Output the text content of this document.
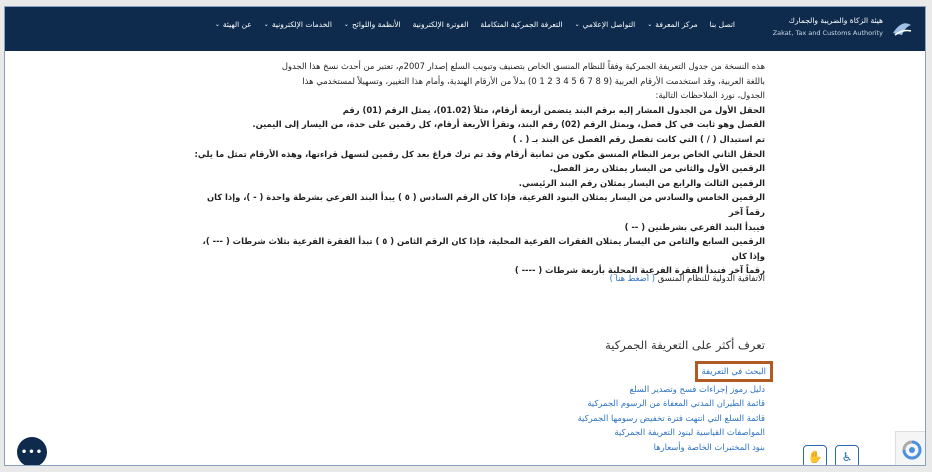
هيئة الزكاة والضريبة والجمارك
Zakat, Tax and Customs Authority
عن الهيئة
⌄	الخدمات الإلكترونية
⌄	الأنظمة واللوائح
⌄	الفوترة الإلكترونية التعرفة الجمركية المتكاملة	التواصل الإعلامي
⌄	مركز المعرفة
⌄	اتصل بنا

هذه النسخة من جدول التعريفة الجمركية وفقاً للنظام المنسق الخاص بتصنيف وتبويب السلع إصدار 2007م، تعتبر من أحدث نسخ هذا الجدول

باللغة العربية، وقد استخدمت الأرقام العربية (9 8 7 6 5 4 3 2 1 0) بدلاً من الأرقام الهندية، وأمام هذا التغيير، وتسهيلاً لمستخدمي هذا

الجدول، نورد الملاحظات التالية:

الحقل الأول من الجدول المشار إليه برقم البند يتضمن أربعة أرقام، مثلاً (01.02)، يمثل الرقم (01) رقم

الفصل وهو ثابت في كل فصل، ويمثل الرقم (02) رقم البند، وتقرأ الأربعة أرقام، كل رقمين على حدة، من اليسار إلى اليمين.

تم استبدال ( / ) التي كانت تفصل رقم الفصل عن البند بـ ( . )

الحقل الثاني الخاص برمز النظام المنسق مكون من ثمانية أرقام وقد تم ترك فراغ بعد كل رقمين لتسهل قراءتها، وهذه الأرقام تمثل ما يلي:

الرقمين الأول والثاني من اليسار يمثلان رمز الفصل.

الرقمين الثالث والرابع من اليسار يمثلان رقم البند الرئيسي.

الرقمين الخامس والسادس من اليسار يمثلان البنود الفرعية، فإذا كان الرقم السادس ( ٥ ) يبدأ البند الفرعي بشرطة واحدة ( - )، وإذا كان رقماً آخر

فيبدأ البند الفرعي بشرطتين ( -- )

الرقمين السابع والثامن من اليسار يمثلان الفقرات الفرعية المحلية، فإذا كان الرقم الثامن ( ٥ ) تبدأ الفقرة الفرعية بثلاث شرطات ( --- )، وإذا كان

رقماً آخر فتبدأ الفقرة الفرعية المحلية بأربعة شرطات ( ---- )

الاتفاقية الدولية للنظام المنسق ( اضغط هنا )
تعرف أكثر على التعريفة الجمركية
البحث في التعريفة
دليل رموز إجراءات فسح وتصدير السلع
قائمة الطيران المدني المعفاة من الرسوم الجمركية
قائمة السلع التي انتهت فترة تخفيض رسومها الجمركية
المواصفات القياسية لبنود التعريفة الجمركية
بنود المختبرات الخاصة وأسعارها
•••	✋ ♿
